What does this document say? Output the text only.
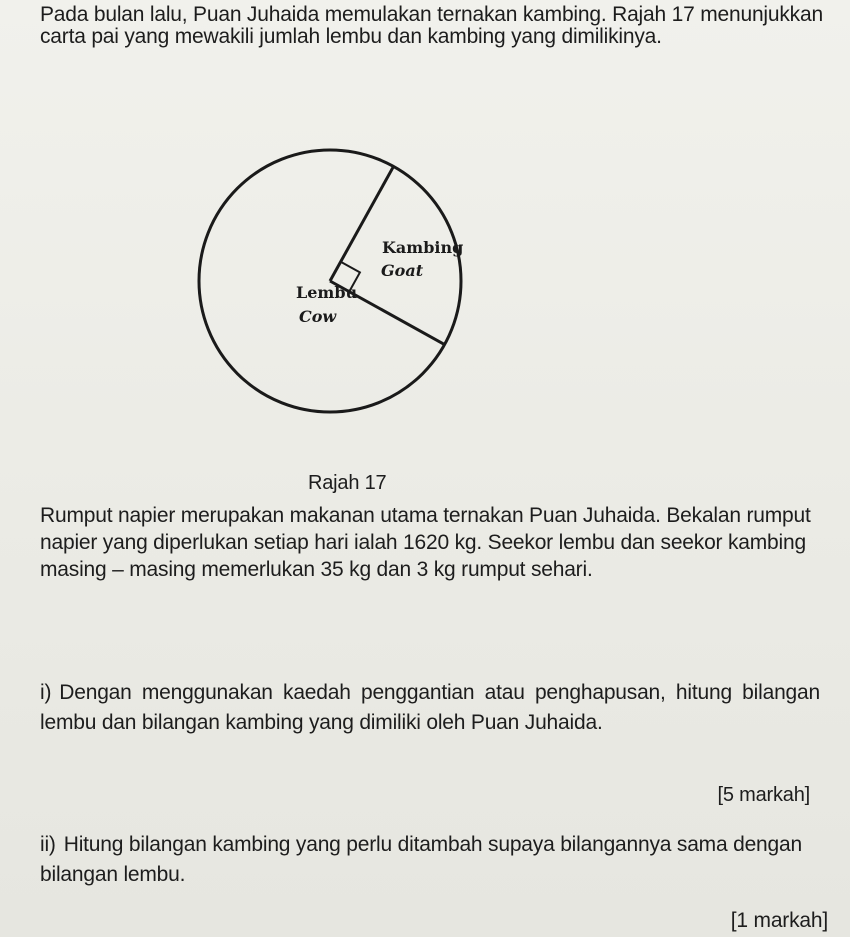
Pada bulan lalu, Puan Juhaida memulakan ternakan kambing. Rajah 17 menunjukkan carta pai yang mewakili jumlah lembu dan kambing yang dimilikinya.

Kambing
Goat
Lembu
Cow

Rajah 17

Rumput napier merupakan makanan utama ternakan Puan Juhaida. Bekalan rumput napier yang diperlukan setiap hari ialah 1620 kg. Seekor lembu dan seekor kambing masing – masing memerlukan 35 kg dan 3 kg rumput sehari.

i) Dengan menggunakan kaedah penggantian atau penghapusan, hitung bilangan lembu dan bilangan kambing yang dimiliki oleh Puan Juhaida.

[5 markah]

ii) Hitung bilangan kambing yang perlu ditambah supaya bilangannya sama dengan bilangan lembu.

[1 markah]
